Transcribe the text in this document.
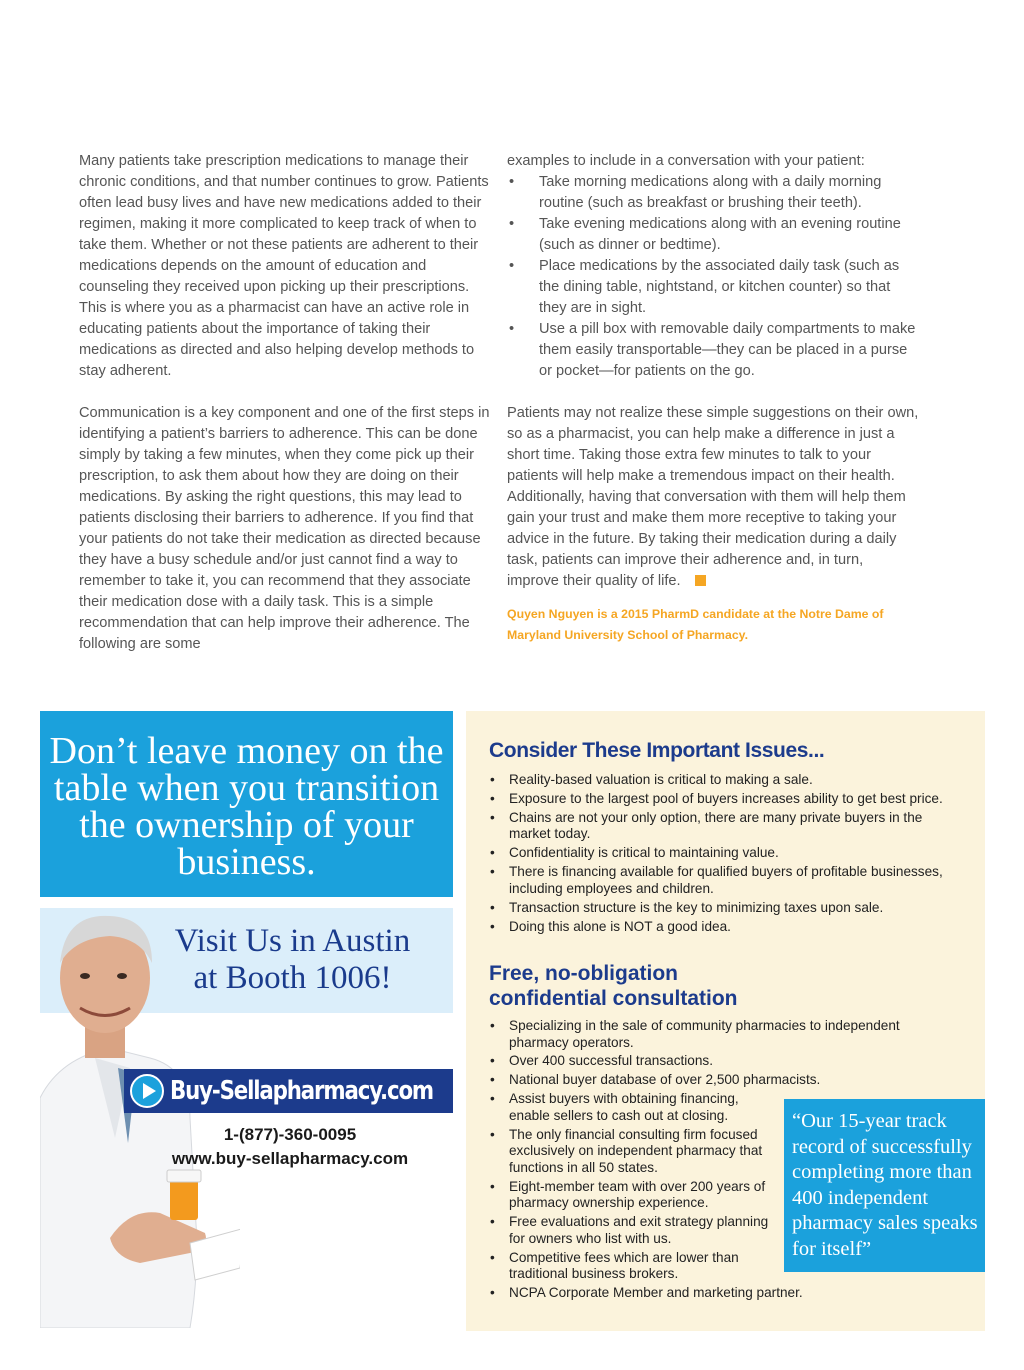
Many patients take prescription medications to manage their chronic conditions, and that number continues to grow. Patients often lead busy lives and have new medications added to their regimen, making it more complicated to keep track of when to take them. Whether or not these patients are adherent to their medications depends on the amount of education and counseling they received upon picking up their prescriptions. This is where you as a pharmacist can have an active role in educating patients about the importance of taking their medications as directed and also helping develop methods to stay adherent.

Communication is a key component and one of the first steps in identifying a patient’s barriers to adherence. This can be done simply by taking a few minutes, when they come pick up their prescription, to ask them about how they are doing on their medications. By asking the right questions, this may lead to patients disclosing their barriers to adherence. If you find that your patients do not take their medication as directed because they have a busy schedule and/or just cannot find a way to remember to take it, you can recommend that they associate their medication dose with a daily task. This is a simple recommendation that can help improve their adherence. The following are some

examples to include in a conversation with your patient:

• Take morning medications along with a daily morning routine (such as breakfast or brushing their teeth).
• Take evening medications along with an evening routine (such as dinner or bedtime).
• Place medications by the associated daily task (such as the dining table, nightstand, or kitchen counter) so that they are in sight.
• Use a pill box with removable daily compartments to make them easily transportable—they can be placed in a purse or pocket—for patients on the go.

Patients may not realize these simple suggestions on their own, so as a pharmacist, you can help make a difference in just a short time. Taking those extra few minutes to talk to your patients will help make a tremendous impact on their health. Additionally, having that conversation with them will help them gain your trust and make them more receptive to taking your advice in the future. By taking their medication during a daily task, patients can improve their adherence and, in turn, improve their quality of life.

Quyen Nguyen is a 2015 PharmD candidate at the Notre Dame of Maryland University School of Pharmacy.
Don’t leave money on the table when you transition the ownership of your business.
Visit Us in Austin at Booth 1006!
Buy-Sellapharmacy.com
1-(877)-360-0095
www.buy-sellapharmacy.com
Consider These Important Issues...
• Reality-based valuation is critical to making a sale.
• Exposure to the largest pool of buyers increases ability to get best price.
• Chains are not your only option, there are many private buyers in the market today.
• Confidentiality is critical to maintaining value.
• There is financing available for qualified buyers of profitable businesses, including employees and children.
• Transaction structure is the key to minimizing taxes upon sale.
• Doing this alone is NOT a good idea.
Free, no-obligation confidential consultation
• Specializing in the sale of community pharmacies to independent pharmacy operators.
• Over 400 successful transactions.
• National buyer database of over 2,500 pharmacists.
• Assist buyers with obtaining financing, enable sellers to cash out at closing.
• The only financial consulting firm focused exclusively on independent pharmacy that functions in all 50 states.
• Eight-member team with over 200 years of pharmacy ownership experience.
• Free evaluations and exit strategy planning for owners who list with us.
• Competitive fees which are lower than traditional business brokers.
• NCPA Corporate Member and marketing partner.
“Our 15-year track record of successfully completing more than 400 independent pharmacy sales speaks for itself”
